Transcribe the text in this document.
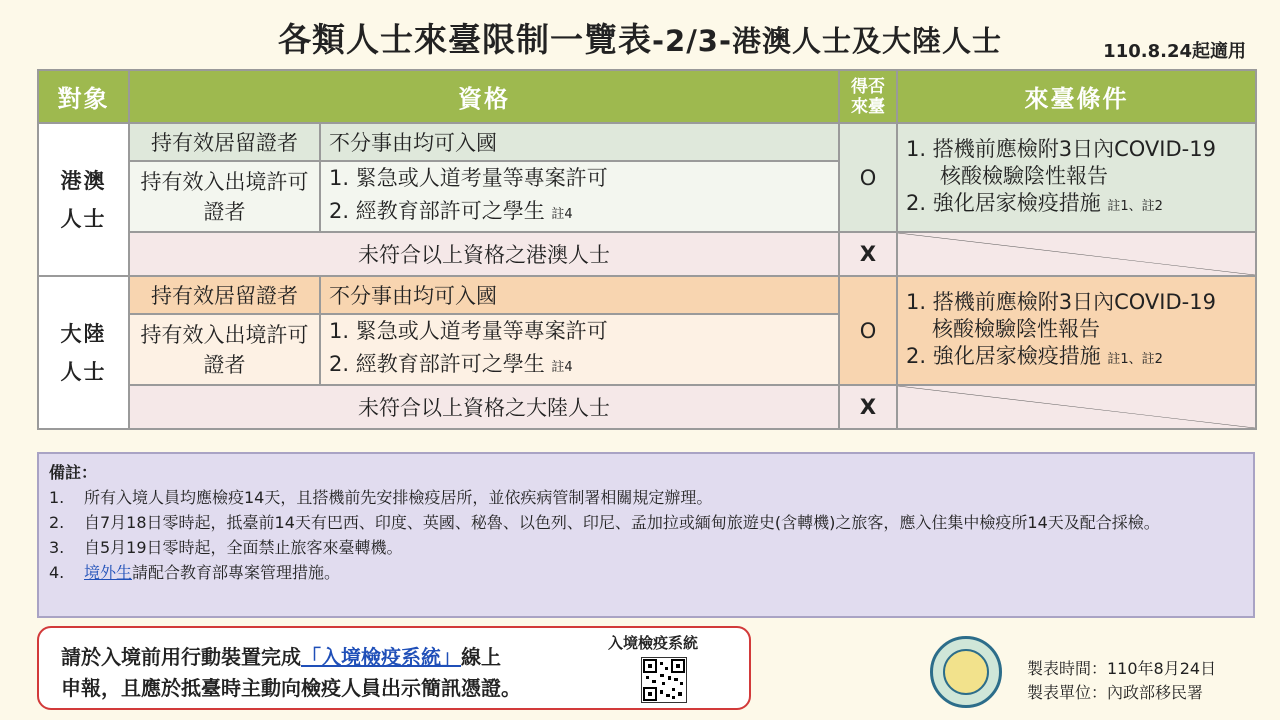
各類人士來臺限制一覽表-2/3-港澳人士及大陸人士	110.8.24起適用
對象	資格		得否來臺	來臺條件
港澳人士	持有效居留證者	不分事由均可入國	O	1. 搭機前應檢附3日內COVID-19
核酸檢驗陰性報告
2. 強化居家檢疫措施 註1、註2

	持有效入出境許可證者	1. 緊急或人道考量等專案許可
2. 經教育部許可之學生 註4		

	未符合以上資格之港澳人士		X	

大陸人士	持有效居留證者	不分事由均可入國	O	1. 搭機前應檢附3日內COVID-19
核酸檢驗陰性報告
2. 強化居家檢疫措施 註1、註2

	持有效入出境許可證者	1. 緊急或人道考量等專案許可
2. 經教育部許可之學生 註4		

	未符合以上資格之大陸人士		X	
備註：
1.	所有入境人員均應檢疫14天，且搭機前先安排檢疫居所，並依疾病管制署相關規定辦理。
2.	自7月18日零時起，抵臺前14天有巴西、印度、英國、秘魯、以色列、印尼、孟加拉或緬甸旅遊史(含轉機)之旅客，應入住集中檢疫所14天及配合採檢。
3.	自5月19日零時起，全面禁止旅客來臺轉機。
4.	境外生請配合教育部專案管理措施。
請於入境前用行動裝置完成「入境檢疫系統」線上
申報，且應於抵臺時主動向檢疫人員出示簡訊憑證。
入境檢疫系統
製表時間：110年8月24日
製表單位：內政部移民署
